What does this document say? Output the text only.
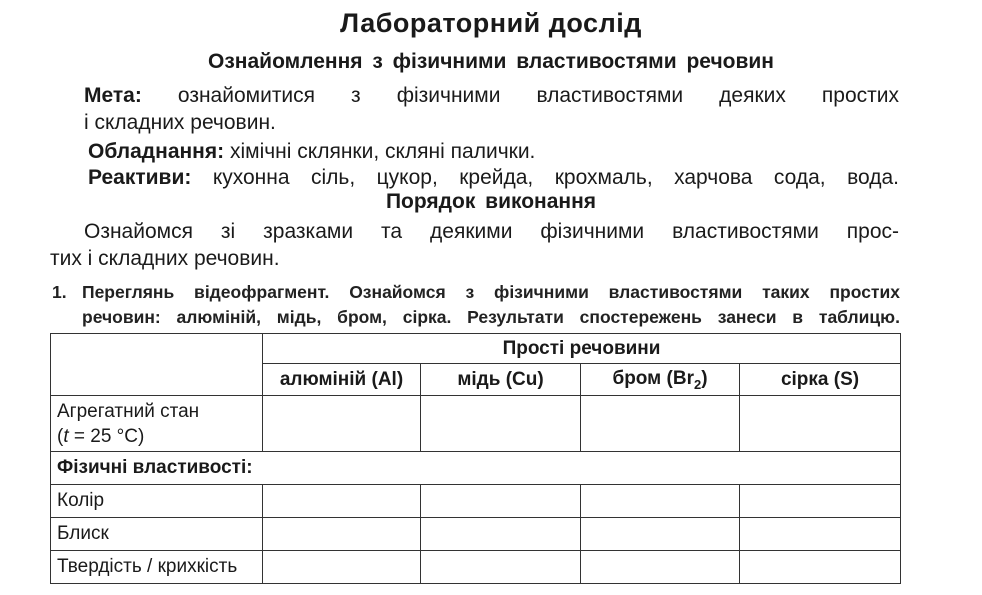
Лабораторний дослід
Ознайомлення з фізичними властивостями речовин
Мета: ознайомитися з фізичними властивостями деяких простих
і складних речовин.
Обладнання: хімічні склянки, скляні палички.
Реактиви: кухонна сіль, цукор, крейда, крохмаль, харчова сода, вода.
Порядок виконання
Ознайомся зі зразками та деякими фізичними властивостями прос-
тих і складних речовин.
1. Переглянь відеофрагмент. Ознайомся з фізичними властивостями таких простих
речовин: алюміній, мідь, бром, сірка. Результати спостережень занеси в таблицю.
	Прості речовини			
	алюміній (Al)	мідь (Cu)	бром $(Br_2)$	сірка (S)
Агрегатний стан
(t = 25 °C)				
Фізичні властивості:				
Колір				
Блиск				
Твердість / крихкість				
